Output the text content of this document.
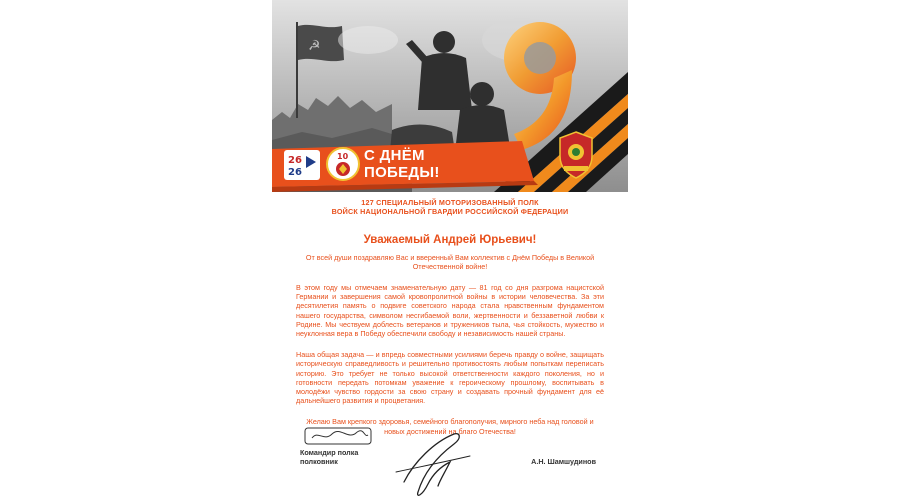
☭
26
26
10 С ДНЁМ
ПОБЕДЫ!
127 СПЕЦИАЛЬНЫЙ МОТОРИЗОВАННЫЙ ПОЛК
ВОЙСК НАЦИОНАЛЬНОЙ ГВАРДИИ РОССИЙСКОЙ ФЕДЕРАЦИИ
Уважаемый Андрей Юрьевич!
От всей души поздравляю Вас и вверенный Вам коллектив с Днём Победы в Великой Отечественной войне!
В этом году мы отмечаем знаменательную дату — 81 год со дня разгрома нацистской Германии и завершения самой кровопролитной войны в истории человечества. За эти десятилетия память о подвиге советского народа стала нравственным фундаментом нашего государства, символом несгибаемой воли, жертвенности и беззаветной любви к Родине. Мы чествуем доблесть ветеранов и тружеников тыла, чья стойкость, мужество и неуклонная вера в Победу обеспечили свободу и независимость нашей страны.
Наша общая задача — и впредь совместными усилиями беречь правду о войне, защищать историческую справедливость и решительно противостоять любым попыткам переписать историю. Это требует не только высокой ответственности каждого поколения, но и готовности передать потомкам уважение к героическому прошлому, воспитывать в молодёжи чувство гордости за свою страну и создавать прочный фундамент для её дальнейшего развития и процветания.
Желаю Вам крепкого здоровья, семейного благополучия, мирного неба над головой и новых достижений на благо Отечества!
Командир полка
полковник	А.Н. Шамшудинов
